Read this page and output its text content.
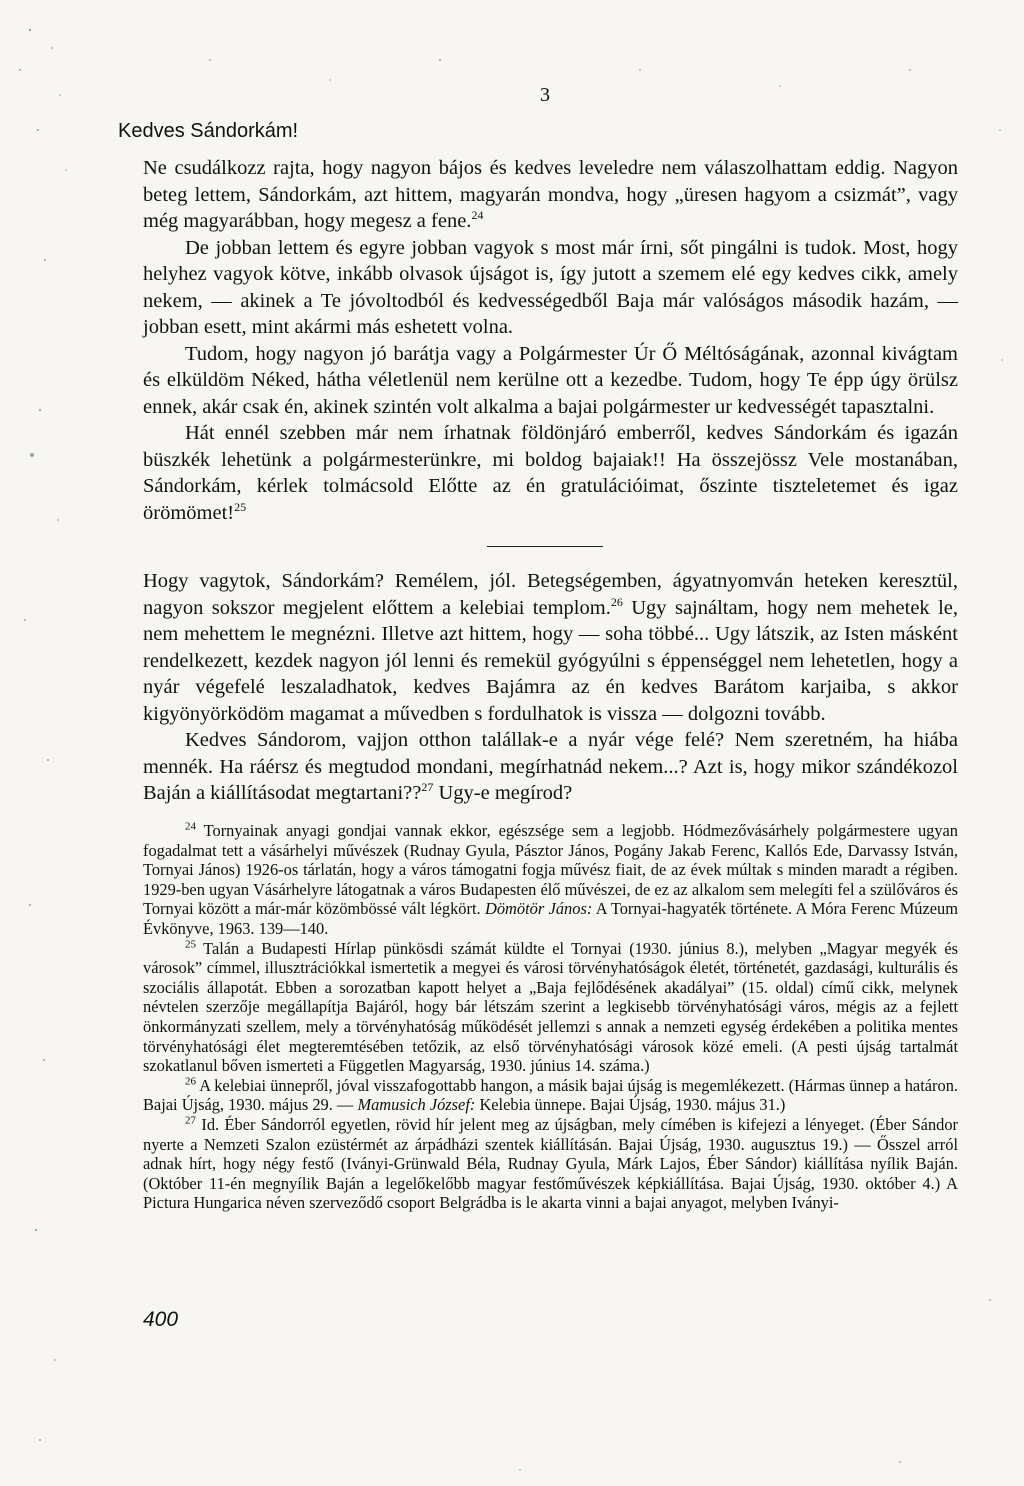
3
Kedves Sándorkám!

Ne csudálkozz rajta, hogy nagyon bájos és kedves leveledre nem válaszolhattam eddig. Nagyon beteg lettem, Sándorkám, azt hittem, magyarán mondva, hogy „üresen hagyom a csizmát”, vagy még magyarábban, hogy megesz a fene.$^{24}$

De jobban lettem és egyre jobban vagyok s most már írni, sőt pingálni is tudok. Most, hogy helyhez vagyok kötve, inkább olvasok újságot is, így jutott a szemem elé egy kedves cikk, amely nekem, — akinek a Te jóvoltodból és kedvességedből Baja már valóságos második hazám, — jobban esett, mint akármi más eshetett volna.

Tudom, hogy nagyon jó barátja vagy a Polgármester Úr Ő Méltóságának, azonnal kivágtam és elküldöm Néked, hátha véletlenül nem kerülne ott a kezedbe. Tudom, hogy Te épp úgy örülsz ennek, akár csak én, akinek szintén volt alkalma a bajai polgármester ur kedvességét tapasztalni.

Hát ennél szebben már nem írhatnak földönjáró emberről, kedves Sándorkám és igazán büszkék lehetünk a polgármesterünkre, mi boldog bajaiak!! Ha összejössz Vele mostanában, Sándorkám, kérlek tolmácsold Előtte az én gratulációimat, őszinte tiszteletemet és igaz örömömet!$^{25}$

Hogy vagytok, Sándorkám? Remélem, jól. Betegségemben, ágyatnyomván heteken keresztül, nagyon sokszor megjelent előttem a kelebiai templom.$^{26}$ Ugy sajnáltam, hogy nem mehetek le, nem mehettem le megnézni. Illetve azt hittem, hogy — soha többé... Ugy látszik, az Isten másként rendelkezett, kezdek nagyon jól lenni és remekül gyógyúlni s éppenséggel nem lehetetlen, hogy a nyár végefelé leszaladhatok, kedves Bajámra az én kedves Barátom karjaiba, s akkor kigyönyörködöm magamat a művedben s fordulhatok is vissza — dolgozni tovább.

Kedves Sándorom, vajjon otthon talállak-e a nyár vége felé? Nem szeretném, ha hiába mennék. Ha ráérsz és megtudod mondani, megírhatnád nekem...? Azt is, hogy mikor szándékozol Baján a kiállításodat megtartani??$^{27}$ Ugy-e megírod?

$^{24}$ Tornyainak anyagi gondjai vannak ekkor, egészsége sem a legjobb. Hódmezővásárhely polgármestere ugyan fogadalmat tett a vásárhelyi művészek (Rudnay Gyula, Pásztor János, Pogány Jakab Ferenc, Kallós Ede, Darvassy István, Tornyai János) 1926-os tárlatán, hogy a város támogatni fogja művész fiait, de az évek múltak s minden maradt a régiben. 1929-ben ugyan Vásárhelyre látogatnak a város Budapesten élő művészei, de ez az alkalom sem melegíti fel a szülőváros és Tornyai között a már-már közömbössé vált légkört. Dömötör János: A Tornyai-hagyaték története. A Móra Ferenc Múzeum Évkönyve, 1963. 139—140.

$^{25}$ Talán a Budapesti Hírlap pünkösdi számát küldte el Tornyai (1930. június 8.), melyben „Magyar megyék és városok” címmel, illusztrációkkal ismertetik a megyei és városi törvényhatóságok életét, történetét, gazdasági, kulturális és szociális állapotát. Ebben a sorozatban kapott helyet a „Baja fejlődésének akadályai” (15. oldal) című cikk, melynek névtelen szerzője megállapítja Bajáról, hogy bár létszám szerint a legkisebb törvényhatósági város, mégis az a fejlett önkormányzati szellem, mely a törvényhatóság működését jellemzi s annak a nemzeti egység érdekében a politika mentes törvényhatósági élet megteremtésében tetőzik, az első törvényhatósági városok közé emeli. (A pesti újság tartalmát szokatlanul bőven ismerteti a Független Magyarság, 1930. június 14. száma.)

$^{26}$ A kelebiai ünnepről, jóval visszafogottabb hangon, a másik bajai újság is megemlékezett. (Hármas ünnep a határon. Bajai Újság, 1930. május 29. — Mamusich József: Kelebia ünnepe. Bajai Újság, 1930. május 31.)

$^{27}$ Id. Éber Sándorról egyetlen, rövid hír jelent meg az újságban, mely címében is kifejezi a lényeget. (Éber Sándor nyerte a Nemzeti Szalon ezüstérmét az árpádházi szentek kiállításán. Bajai Újság, 1930. augusztus 19.) — Ősszel arról adnak hírt, hogy négy festő (Iványi-Grünwald Béla, Rudnay Gyula, Márk Lajos, Éber Sándor) kiállítása nyílik Baján. (Október 11-én megnyílik Baján a legelőkelőbb magyar festőművészek képkiállítása. Bajai Újság, 1930. október 4.) A Pictura Hungarica néven szerveződő csoport Belgrádba is le akarta vinni a bajai anyagot, melyben Iványi-

400
